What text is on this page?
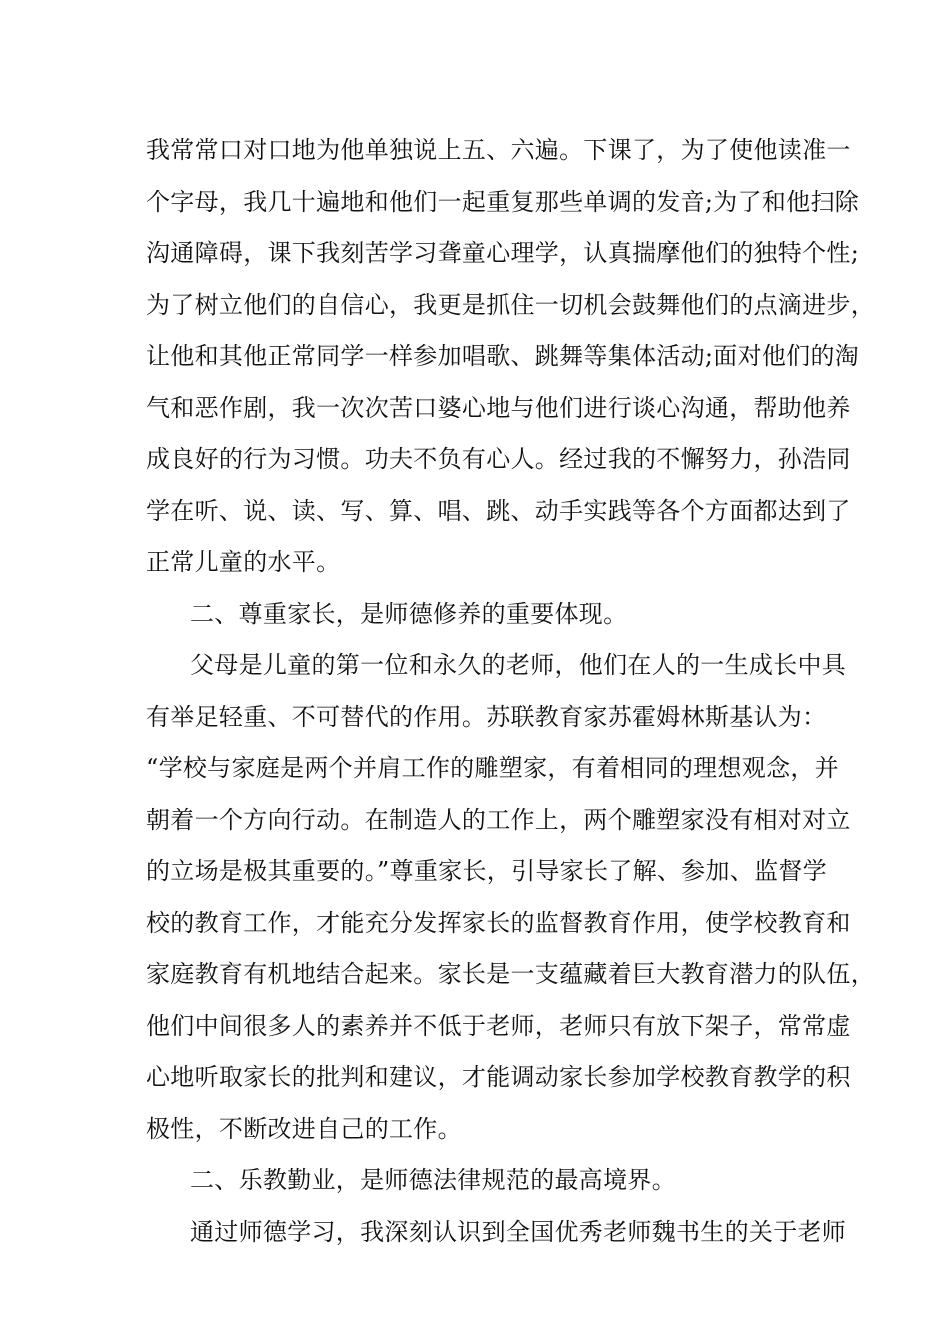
我常常口对口地为他单独说上五、六遍。下课了，为了使他读准一
个字母，我几十遍地和他们一起重复那些单调的发音;为了和他扫除
沟通障碍，课下我刻苦学习聋童心理学，认真揣摩他们的独特个性;
为了树立他们的自信心，我更是抓住一切机会鼓舞他们的点滴进步，
让他和其他正常同学一样参加唱歌、跳舞等集体活动;面对他们的淘
气和恶作剧，我一次次苦口婆心地与他们进行谈心沟通，帮助他养
成良好的行为习惯。功夫不负有心人。经过我的不懈努力，孙浩同
学在听、说、读、写、算、唱、跳、动手实践等各个方面都达到了
正常儿童的水平。
二、尊重家长，是师德修养的重要体现。
父母是儿童的第一位和永久的老师，他们在人的一生成长中具
有举足轻重、不可替代的作用。苏联教育家苏霍姆林斯基认为：
“学校与家庭是两个并肩工作的雕塑家，有着相同的理想观念，并
朝着一个方向行动。在制造人的工作上，两个雕塑家没有相对对立
的立场是极其重要的。”尊重家长，引导家长了解、参加、监督学
校的教育工作，才能充分发挥家长的监督教育作用，使学校教育和
家庭教育有机地结合起来。家长是一支蕴藏着巨大教育潜力的队伍，
他们中间很多人的素养并不低于老师，老师只有放下架子，常常虚
心地听取家长的批判和建议，才能调动家长参加学校教育教学的积
极性，不断改进自己的工作。
二、乐教勤业，是师德法律规范的最高境界。
通过师德学习，我深刻认识到全国优秀老师魏书生的关于老师
